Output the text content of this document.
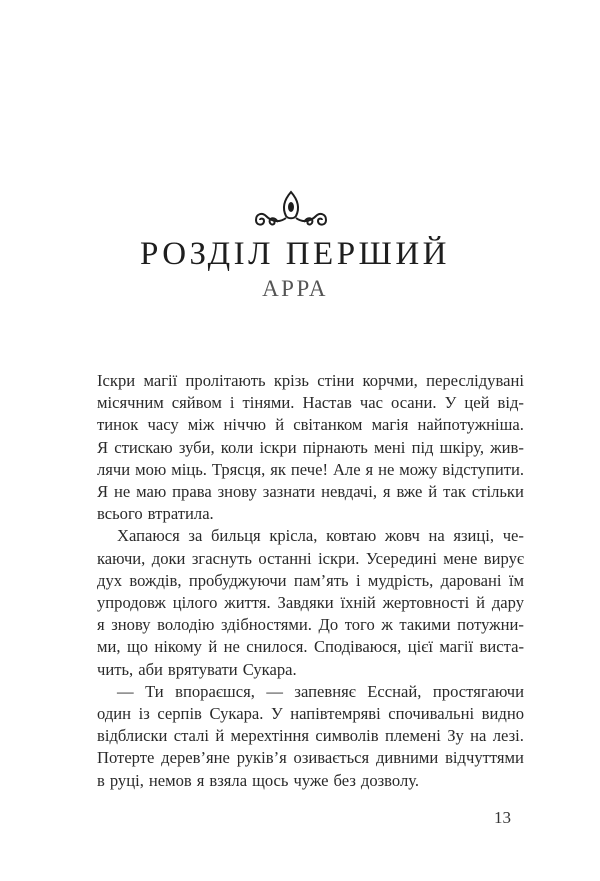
РОЗДІЛ ПЕРШИЙ
АРРА
Іскри магії пролітають крізь стіни корчми, переслідувані
місячним сяйвом і тінями. Настав час осани. У цей від-
тинок часу між ніччю й світанком магія найпотужніша.
Я стискаю зуби, коли іскри пірнають мені під шкіру, жив-
лячи мою міць. Трясця, як пече! Але я не можу відступити.
Я не маю права знову зазнати невдачі, я вже й так стільки
всього втратила.
Хапаюся за бильця крісла, ковтаю жовч на язиці, че-
каючи, доки згаснуть останні іскри. Усередині мене вирує
дух вождів, пробуджуючи пам’ять і мудрість, даровані їм
упродовж цілого життя. Завдяки їхній жертовності й дару
я знову володію здібностями. До того ж такими потужни-
ми, що нікому й не снилося. Сподіваюся, цієї магії виста-
чить, аби врятувати Сукара.
— Ти впораєшся, — запевняє Есснай, простягаючи
один із серпів Сукара. У напівтемряві спочивальні видно
відблиски сталі й мерехтіння символів племені Зу на лезі.
Потерте дерев’яне руків’я озивається дивними відчуттями
в руці, немов я взяла щось чуже без дозволу.
13
